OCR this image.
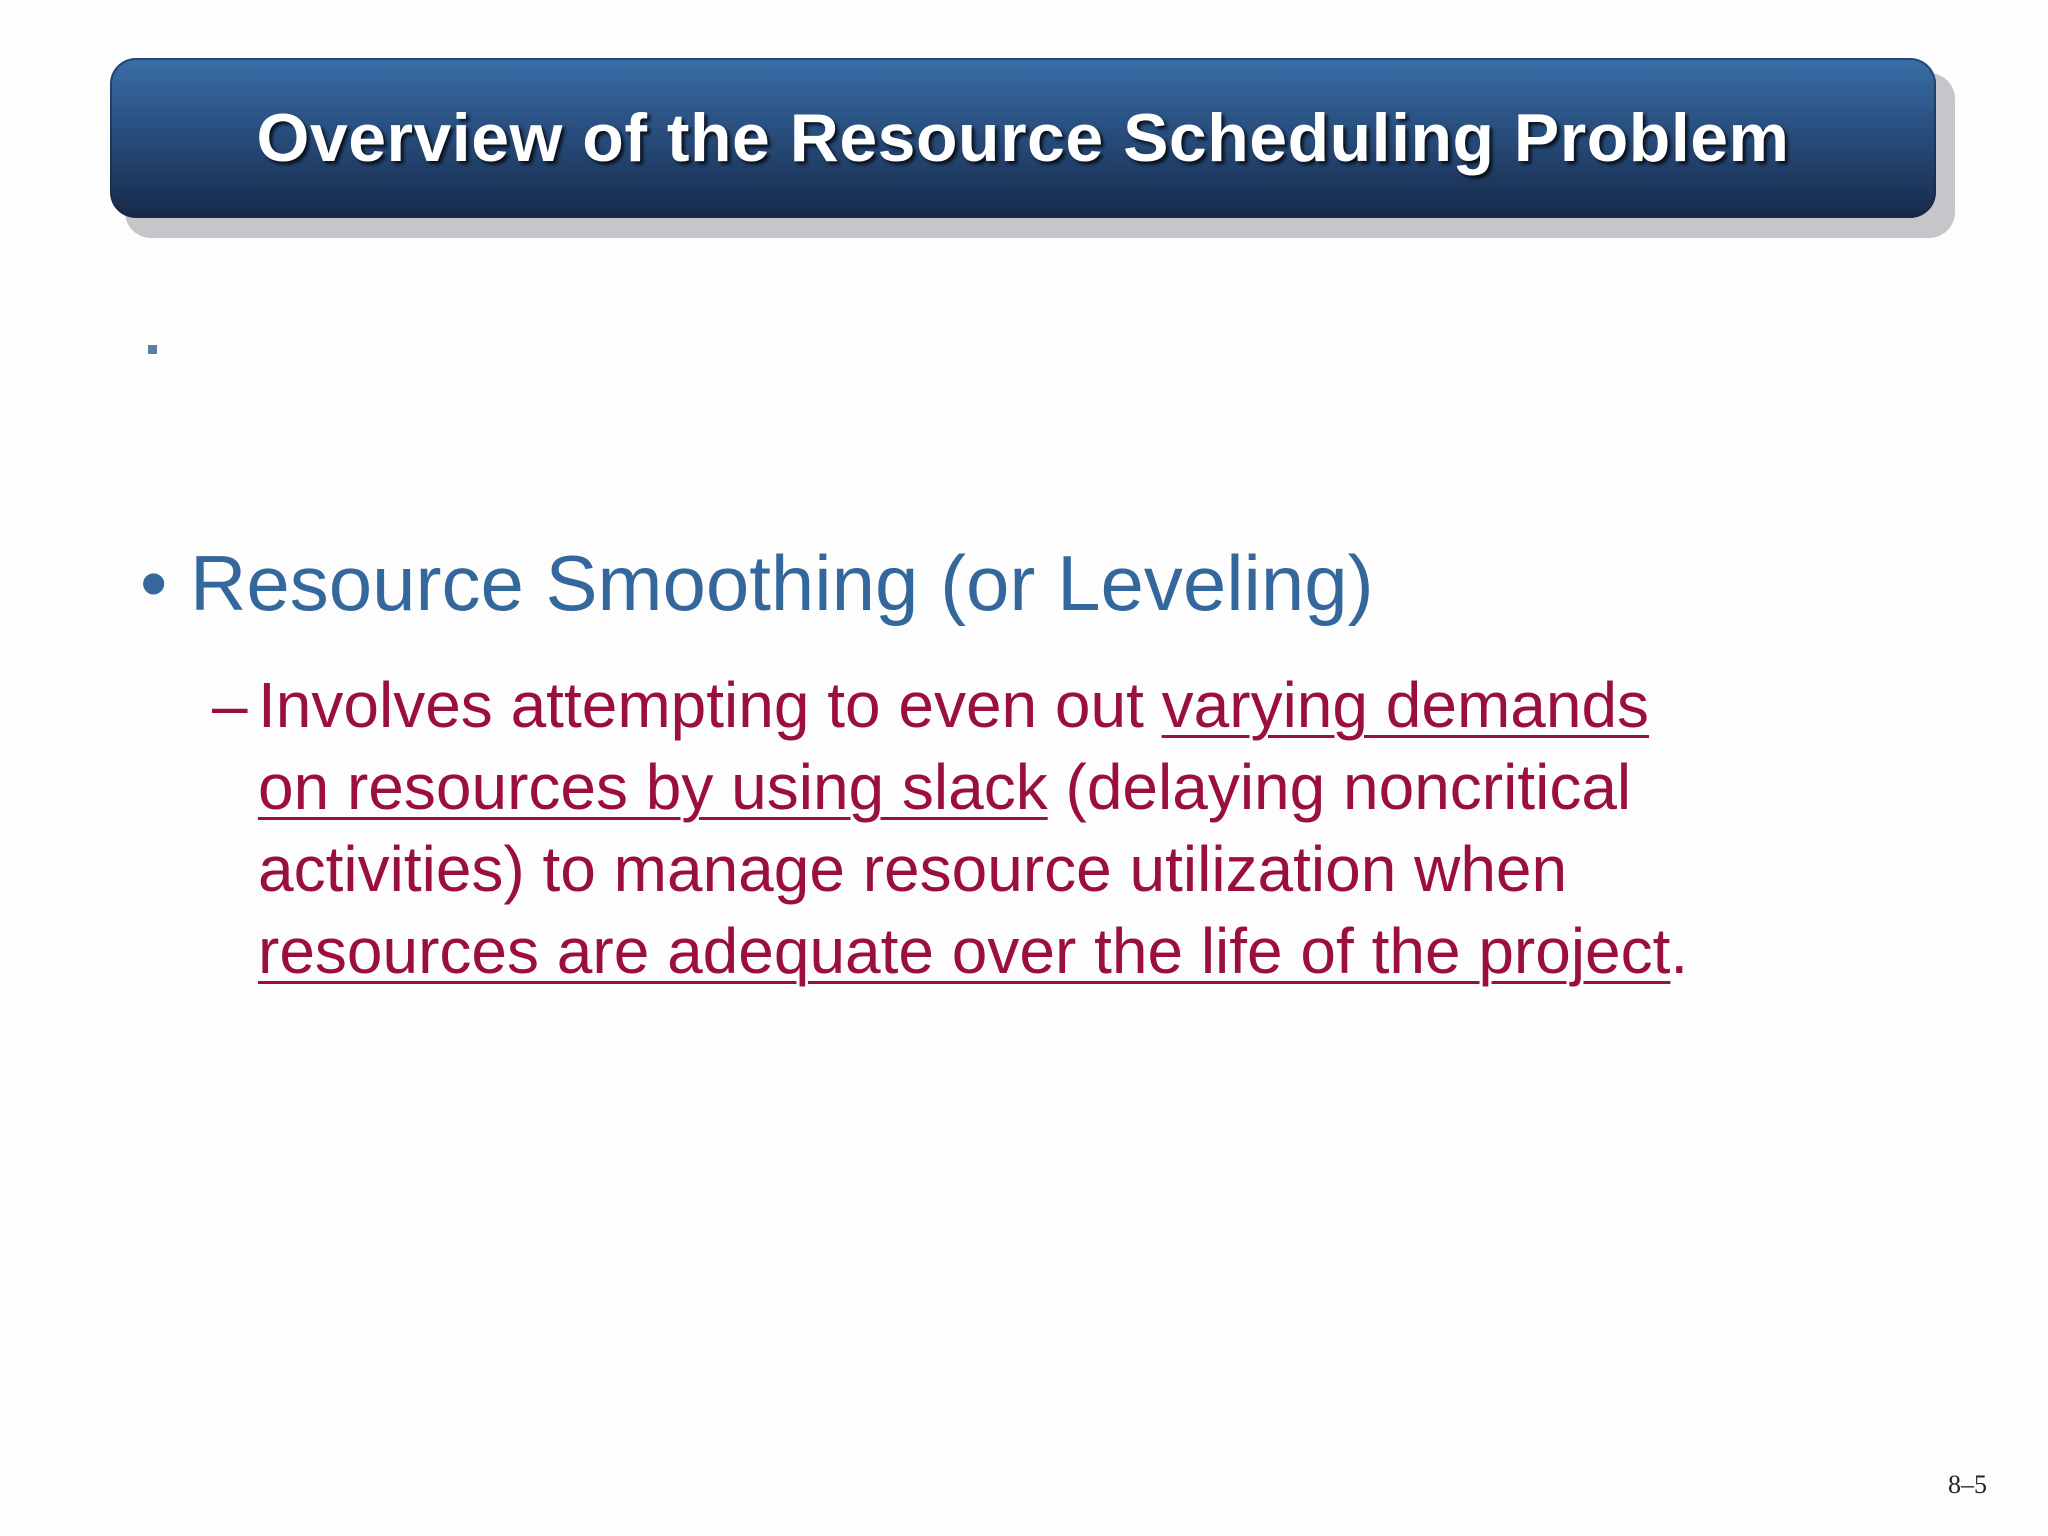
Overview of the Resource Scheduling Problem
• Resource Smoothing (or Leveling)
– Involves attempting to even out varying demands
on resources by using slack (delaying noncritical
activities) to manage resource utilization when
resources are adequate over the life of the project.
8–5
